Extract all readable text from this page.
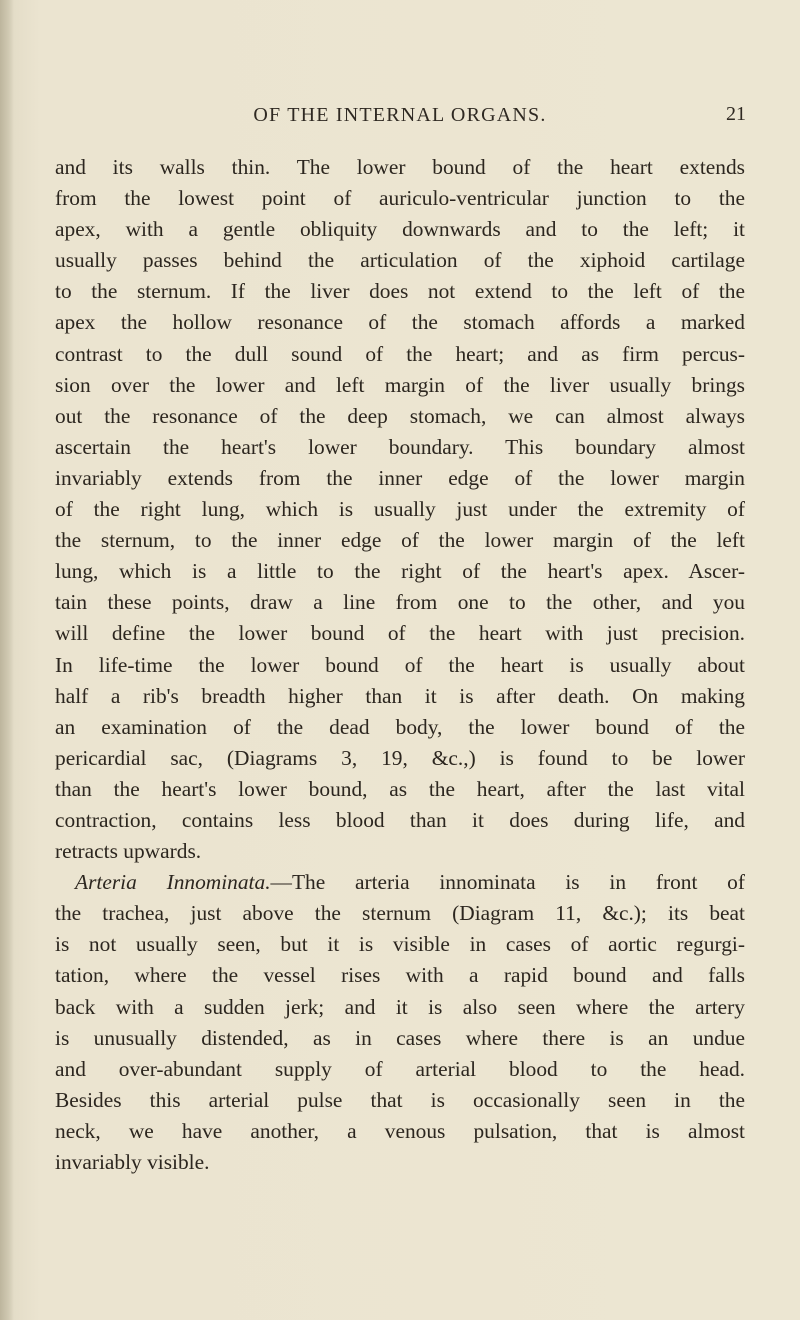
OF THE INTERNAL ORGANS.	21
and its walls thin. The lower bound of the heart extends
from the lowest point of auriculo-ventricular junction to the
apex, with a gentle obliquity downwards and to the left; it
usually passes behind the articulation of the xiphoid cartilage
to the sternum. If the liver does not extend to the left of the
apex the hollow resonance of the stomach affords a marked
contrast to the dull sound of the heart; and as firm percus-
sion over the lower and left margin of the liver usually brings
out the resonance of the deep stomach, we can almost always
ascertain the heart's lower boundary. This boundary almost
invariably extends from the inner edge of the lower margin
of the right lung, which is usually just under the extremity of
the sternum, to the inner edge of the lower margin of the left
lung, which is a little to the right of the heart's apex. Ascer-
tain these points, draw a line from one to the other, and you
will define the lower bound of the heart with just precision.
In life-time the lower bound of the heart is usually about
half a rib's breadth higher than it is after death. On making
an examination of the dead body, the lower bound of the
pericardial sac, (Diagrams 3, 19, &c.,) is found to be lower
than the heart's lower bound, as the heart, after the last vital
contraction, contains less blood than it does during life, and
retracts upwards.
Arteria Innominata.—The arteria innominata is in front of
the trachea, just above the sternum (Diagram 11, &c.); its beat
is not usually seen, but it is visible in cases of aortic regurgi-
tation, where the vessel rises with a rapid bound and falls
back with a sudden jerk; and it is also seen where the artery
is unusually distended, as in cases where there is an undue
and over-abundant supply of arterial blood to the head.
Besides this arterial pulse that is occasionally seen in the
neck, we have another, a venous pulsation, that is almost
invariably visible.
